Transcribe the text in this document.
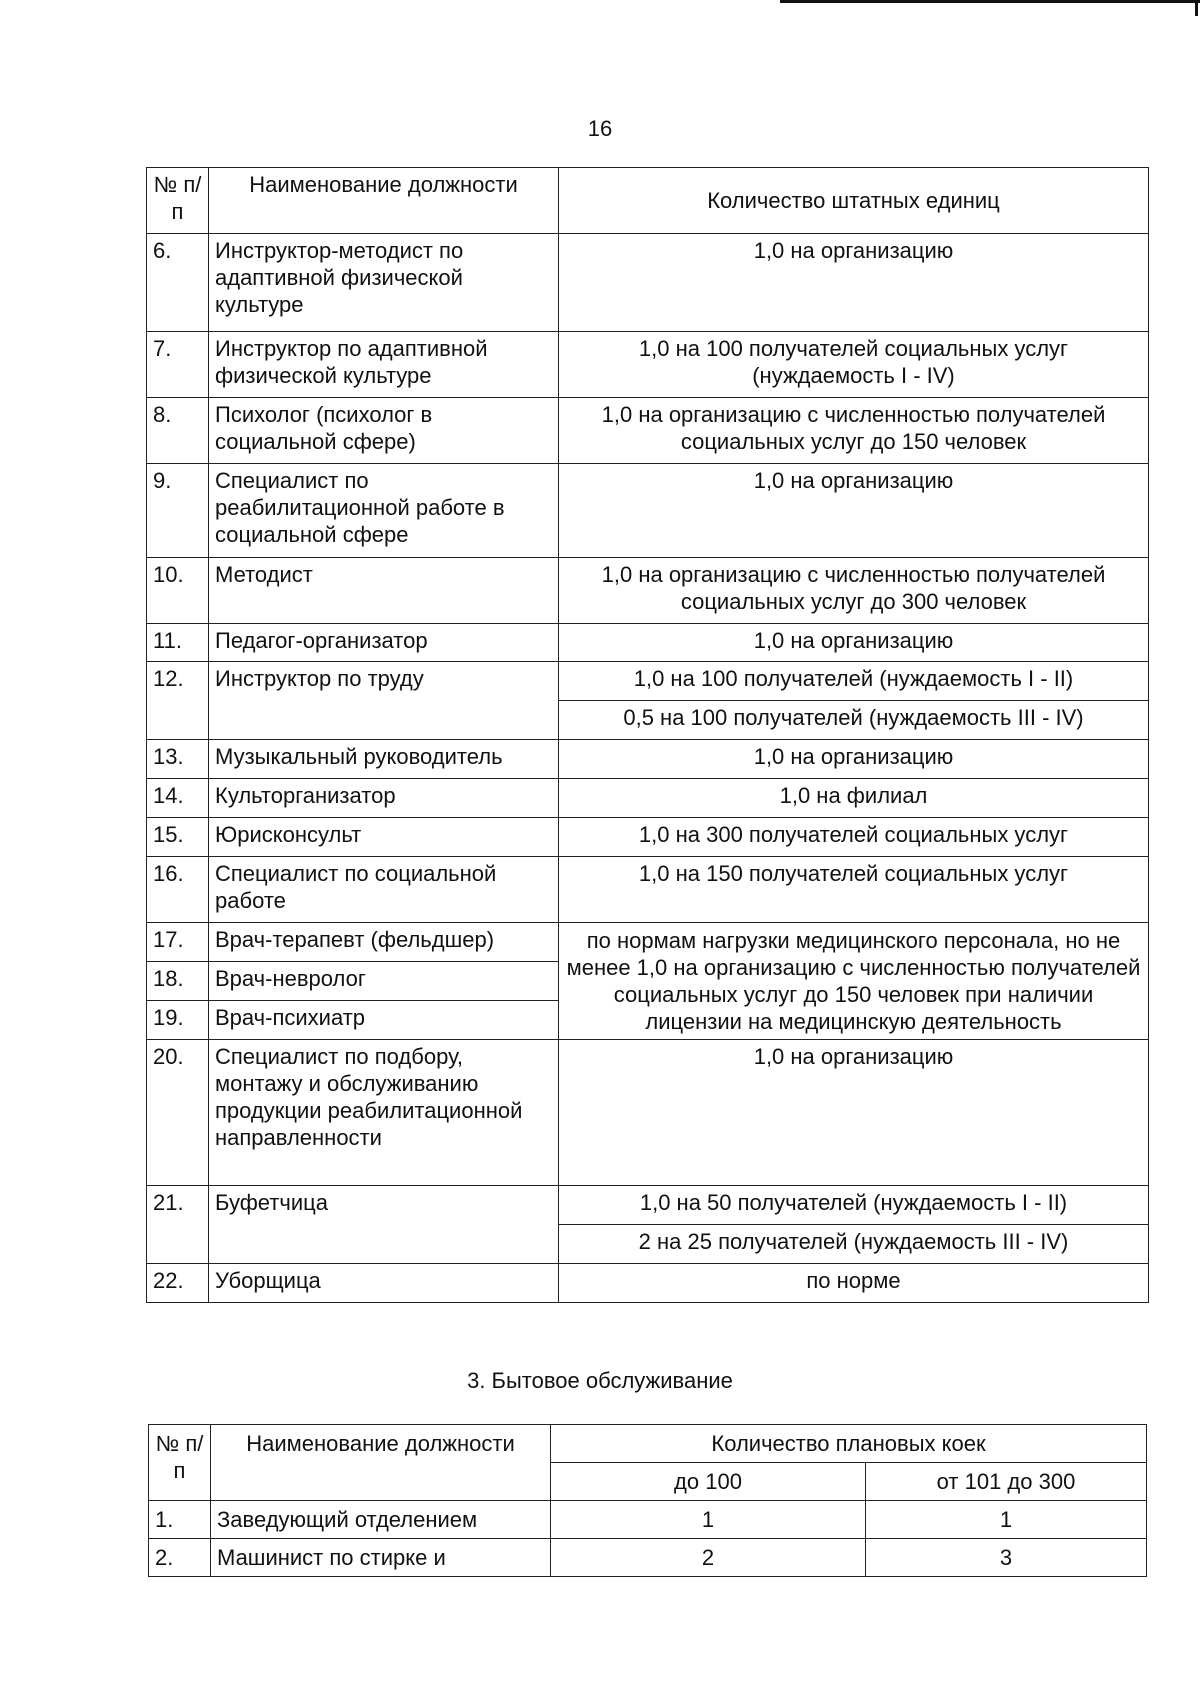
16
№ п/п	Наименование должности	Количество штатных единиц
6.	Инструктор-методист по адаптивной физической культуре	1,0 на организацию
7.	Инструктор по адаптивной физической культуре	1,0 на 100 получателей социальных услуг (нуждаемость I - IV)
8.	Психолог (психолог в социальной сфере)	1,0 на организацию с численностью получателей социальных услуг до 150 человек
9.	Специалист по реабилитационной работе в социальной сфере	1,0 на организацию
10.	Методист	1,0 на организацию с численностью получателей социальных услуг до 300 человек
11.	Педагог-организатор	1,0 на организацию
12.	Инструктор по труду	1,0 на 100 получателей (нуждаемость I - II)
		0,5 на 100 получателей (нуждаемость III - IV)
13.	Музыкальный руководитель	1,0 на организацию
14.	Культорганизатор	1,0 на филиал
15.	Юрисконсульт	1,0 на 300 получателей социальных услуг
16.	Специалист по социальной работе	1,0 на 150 получателей социальных услуг
17.	Врач-терапевт (фельдшер)	по нормам нагрузки медицинского персонала, но не менее 1,0 на организацию с численностью получателей социальных услуг до 150 человек при наличии лицензии на медицинскую деятельность
18.	Врач-невролог	
19.	Врач-психиатр	
20.	Специалист по подбору, монтажу и обслуживанию продукции реабилитационной направленности	1,0 на организацию
21.	Буфетчица	1,0 на 50 получателей (нуждаемость I - II)
		2 на 25 получателей (нуждаемость III - IV)
22.	Уборщица	по норме
3. Бытовое обслуживание
№ п/п	Наименование должности	Количество плановых коек	
		до 100	от 101 до 300
1.	Заведующий отделением	1	1
2.	Машинист по стирке и	2	3
